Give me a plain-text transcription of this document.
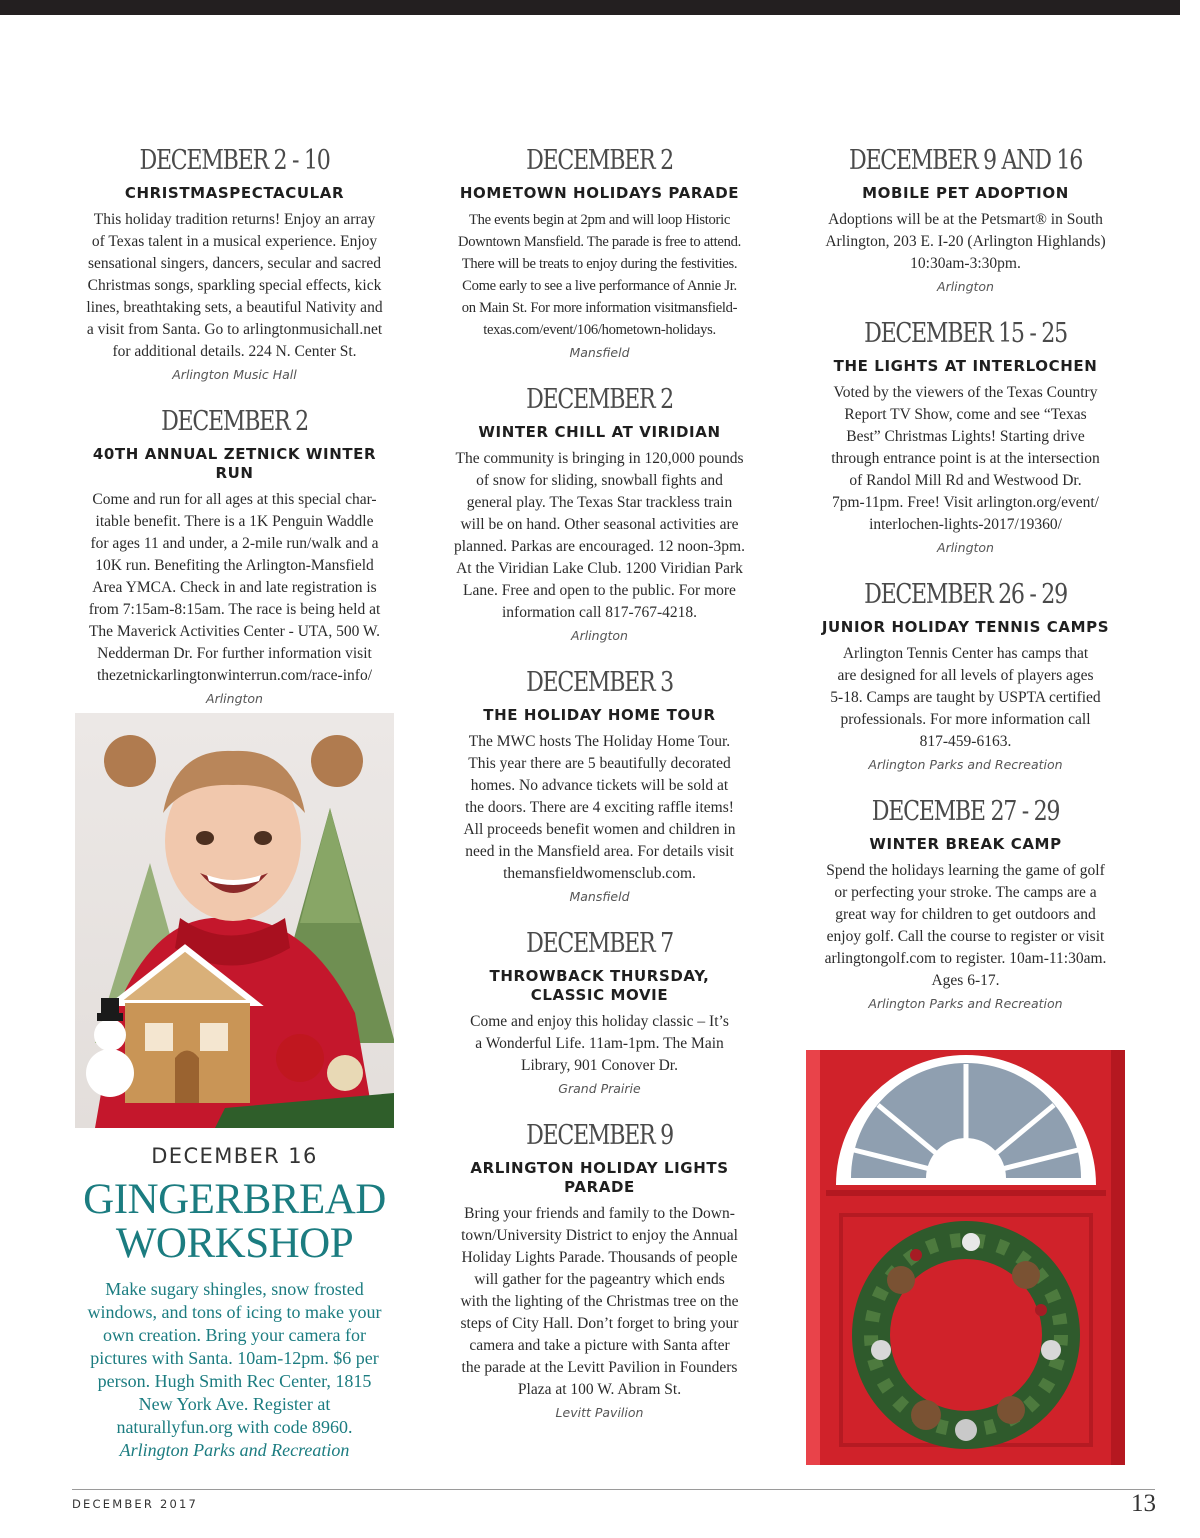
DECEMBER 2 - 10
CHRISTMASPECTACULAR
This holiday tradition returns! Enjoy an array
of Texas talent in a musical experience. Enjoy
sensational singers, dancers, secular and sacred
Christmas songs, sparkling special effects, kick
lines, breathtaking sets, a beautiful Nativity and
a visit from Santa. Go to arlingtonmusichall.net
for additional details. 224 N. Center St.
Arlington Music Hall
DECEMBER 2
40TH ANNUAL ZETNICK WINTER RUN
Come and run for all ages at this special char-
itable benefit. There is a 1K Penguin Waddle
for ages 11 and under, a 2-mile run/walk and a
10K run. Benefiting the Arlington-Mansfield
Area YMCA. Check in and late registration is
from 7:15am-8:15am. The race is being held at
The Maverick Activities Center - UTA, 500 W.
Nedderman Dr. For further information visit
thezetnickarlingtonwinterrun.com/race-info/
Arlington
DECEMBER 16
GINGERBREAD
WORKSHOP
Make sugary shingles, snow frosted
windows, and tons of icing to make your
own creation. Bring your camera for
pictures with Santa. 10am-12pm. $6 per
person. Hugh Smith Rec Center, 1815
New York Ave. Register at
naturallyfun.org with code 8960.
Arlington Parks and Recreation
DECEMBER 2
HOMETOWN HOLIDAYS PARADE
The events begin at 2pm and will loop Historic
Downtown Mansfield. The parade is free to attend.
There will be treats to enjoy during the festivities.
Come early to see a live performance of Annie Jr.
on Main St. For more information visitmansfield-
texas.com/event/106/hometown-holidays.
Mansfield
DECEMBER 2
WINTER CHILL AT VIRIDIAN
The community is bringing in 120,000 pounds
of snow for sliding, snowball fights and
general play. The Texas Star trackless train
will be on hand. Other seasonal activities are
planned. Parkas are encouraged. 12 noon-3pm.
At the Viridian Lake Club. 1200 Viridian Park
Lane. Free and open to the public. For more
information call 817-767-4218.
Arlington
DECEMBER 3
THE HOLIDAY HOME TOUR
The MWC hosts The Holiday Home Tour.
This year there are 5 beautifully decorated
homes. No advance tickets will be sold at
the doors. There are 4 exciting raffle items!
All proceeds benefit women and children in
need in the Mansfield area. For details visit
themansfieldwomensclub.com.
Mansfield
DECEMBER 7
THROWBACK THURSDAY, CLASSIC MOVIE
Come and enjoy this holiday classic – It’s
a Wonderful Life. 11am-1pm. The Main
Library, 901 Conover Dr.
Grand Prairie
DECEMBER 9
ARLINGTON HOLIDAY LIGHTS PARADE
Bring your friends and family to the Down-
town/University District to enjoy the Annual
Holiday Lights Parade. Thousands of people
will gather for the pageantry which ends
with the lighting of the Christmas tree on the
steps of City Hall. Don’t forget to bring your
camera and take a picture with Santa after
the parade at the Levitt Pavilion in Founders
Plaza at 100 W. Abram St.
Levitt Pavilion
DECEMBER 9 AND 16
MOBILE PET ADOPTION
Adoptions will be at the Petsmart® in South
Arlington, 203 E. I-20 (Arlington Highlands)
10:30am-3:30pm.
Arlington
DECEMBER 15 - 25
THE LIGHTS AT INTERLOCHEN
Voted by the viewers of the Texas Country
Report TV Show, come and see “Texas
Best” Christmas Lights! Starting drive
through entrance point is at the intersection
of Randol Mill Rd and Westwood Dr.
7pm-11pm. Free! Visit arlington.org/event/
interlochen-lights-2017/19360/
Arlington
DECEMBER 26 - 29
JUNIOR HOLIDAY TENNIS CAMPS
Arlington Tennis Center has camps that
are designed for all levels of players ages
5-18. Camps are taught by USPTA certified
professionals. For more information call
817-459-6163.
Arlington Parks and Recreation
DECEMBE 27 - 29
WINTER BREAK CAMP
Spend the holidays learning the game of golf
or perfecting your stroke. The camps are a
great way for children to get outdoors and
enjoy golf. Call the course to register or visit
arlingtongolf.com to register. 10am-11:30am.
Ages 6-17.
Arlington Parks and Recreation
DECEMBER 2017	13
